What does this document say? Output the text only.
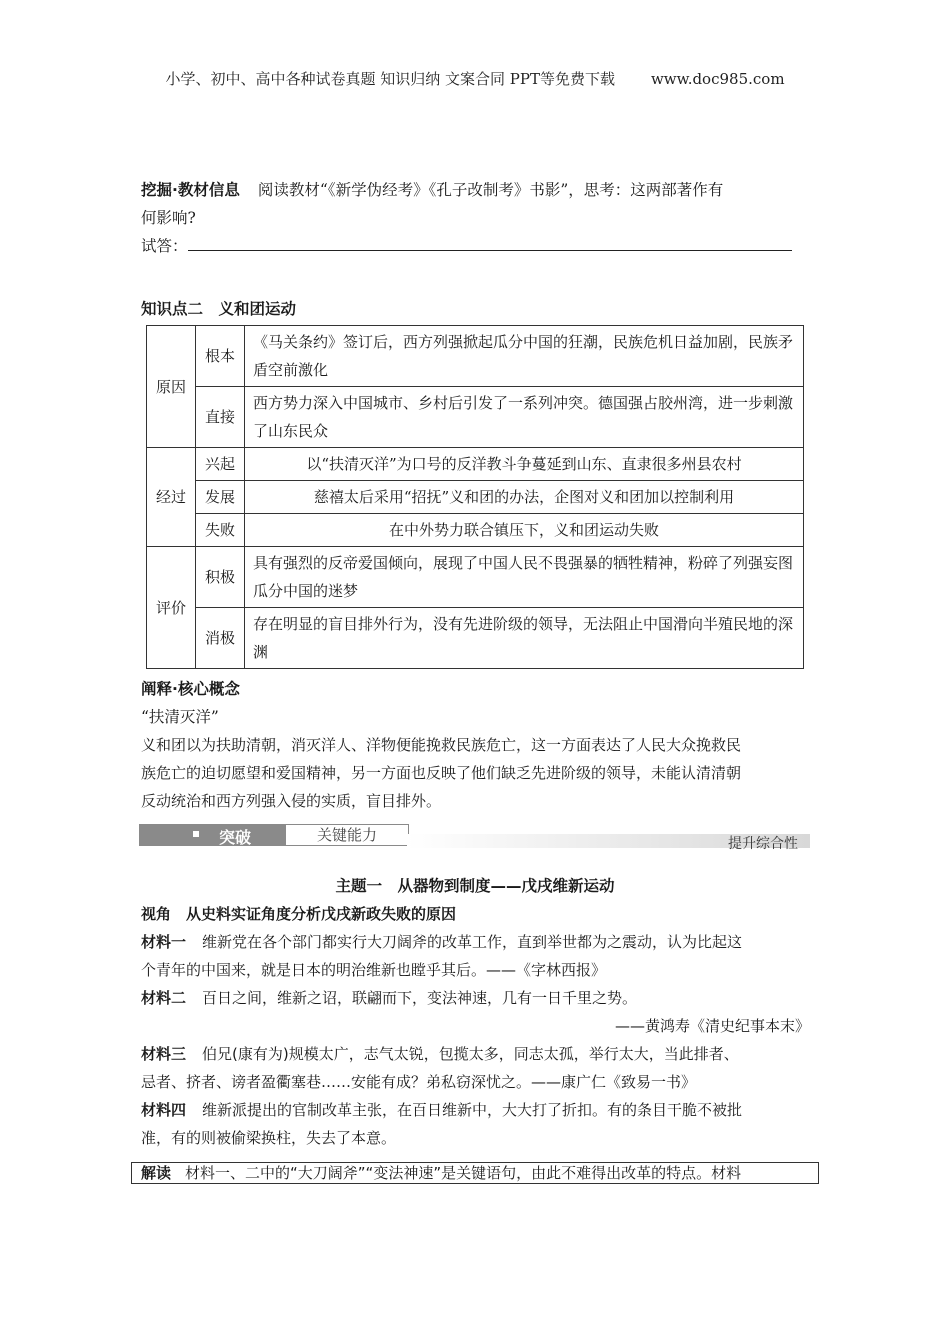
小学、初中、高中各种试卷真题 知识归纳 文案合同 PPT等免费下载 www.doc985.com
挖掘·教材信息 阅读教材“《新学伪经考》《孔子改制考》书影”，思考：这两部著作有
何影响?
试答：
知识点二　义和团运动
原因	根本	《马关条约》签订后，西方列强掀起瓜分中国的狂潮，民族危机日益加剧，民族矛盾空前激化
	直接	西方势力深入中国城市、乡村后引发了一系列冲突。德国强占胶州湾，进一步刺激了山东民众
经过	兴起	以“扶清灭洋”为口号的反洋教斗争蔓延到山东、直隶很多州县农村
	发展	慈禧太后采用“招抚”义和团的办法，企图对义和团加以控制利用
	失败	在中外势力联合镇压下，义和团运动失败
评价	积极	具有强烈的反帝爱国倾向，展现了中国人民不畏强暴的牺牲精神，粉碎了列强妄图瓜分中国的迷梦
	消极	存在明显的盲目排外行为，没有先进阶级的领导，无法阻止中国滑向半殖民地的深渊
阐释·核心概念
“扶清灭洋”
义和团以为扶助清朝，消灭洋人、洋物便能挽救民族危亡，这一方面表达了人民大众挽救民
族危亡的迫切愿望和爱国精神，另一方面也反映了他们缺乏先进阶级的领导，未能认清清朝
反动统治和西方列强入侵的实质，盲目排外。
突破	关键能力	提升综合性
主题一　从器物到制度——戊戌维新运动
视角　从史料实证角度分析戊戌新政失败的原因
材料一 维新党在各个部门都实行大刀阔斧的改革工作，直到举世都为之震动，认为比起这
个青年的中国来，就是日本的明治维新也瞠乎其后。——《字林西报》
材料二 百日之间，维新之诏，联翩而下，变法神速，几有一日千里之势。
——黄鸿寿《清史纪事本末》
材料三 伯兄(康有为)规模太广，志气太锐，包揽太多，同志太孤，举行太大，当此排者、
忌者、挤者、谤者盈衢塞巷……安能有成？弟私窃深忧之。——康广仁《致易一书》
材料四 维新派提出的官制改革主张，在百日维新中，大大打了折扣。有的条目干脆不被批
准，有的则被偷梁换柱，失去了本意。
解读 材料一、二中的“大刀阔斧”“变法神速”是关键语句，由此不难得出改革的特点。材料
